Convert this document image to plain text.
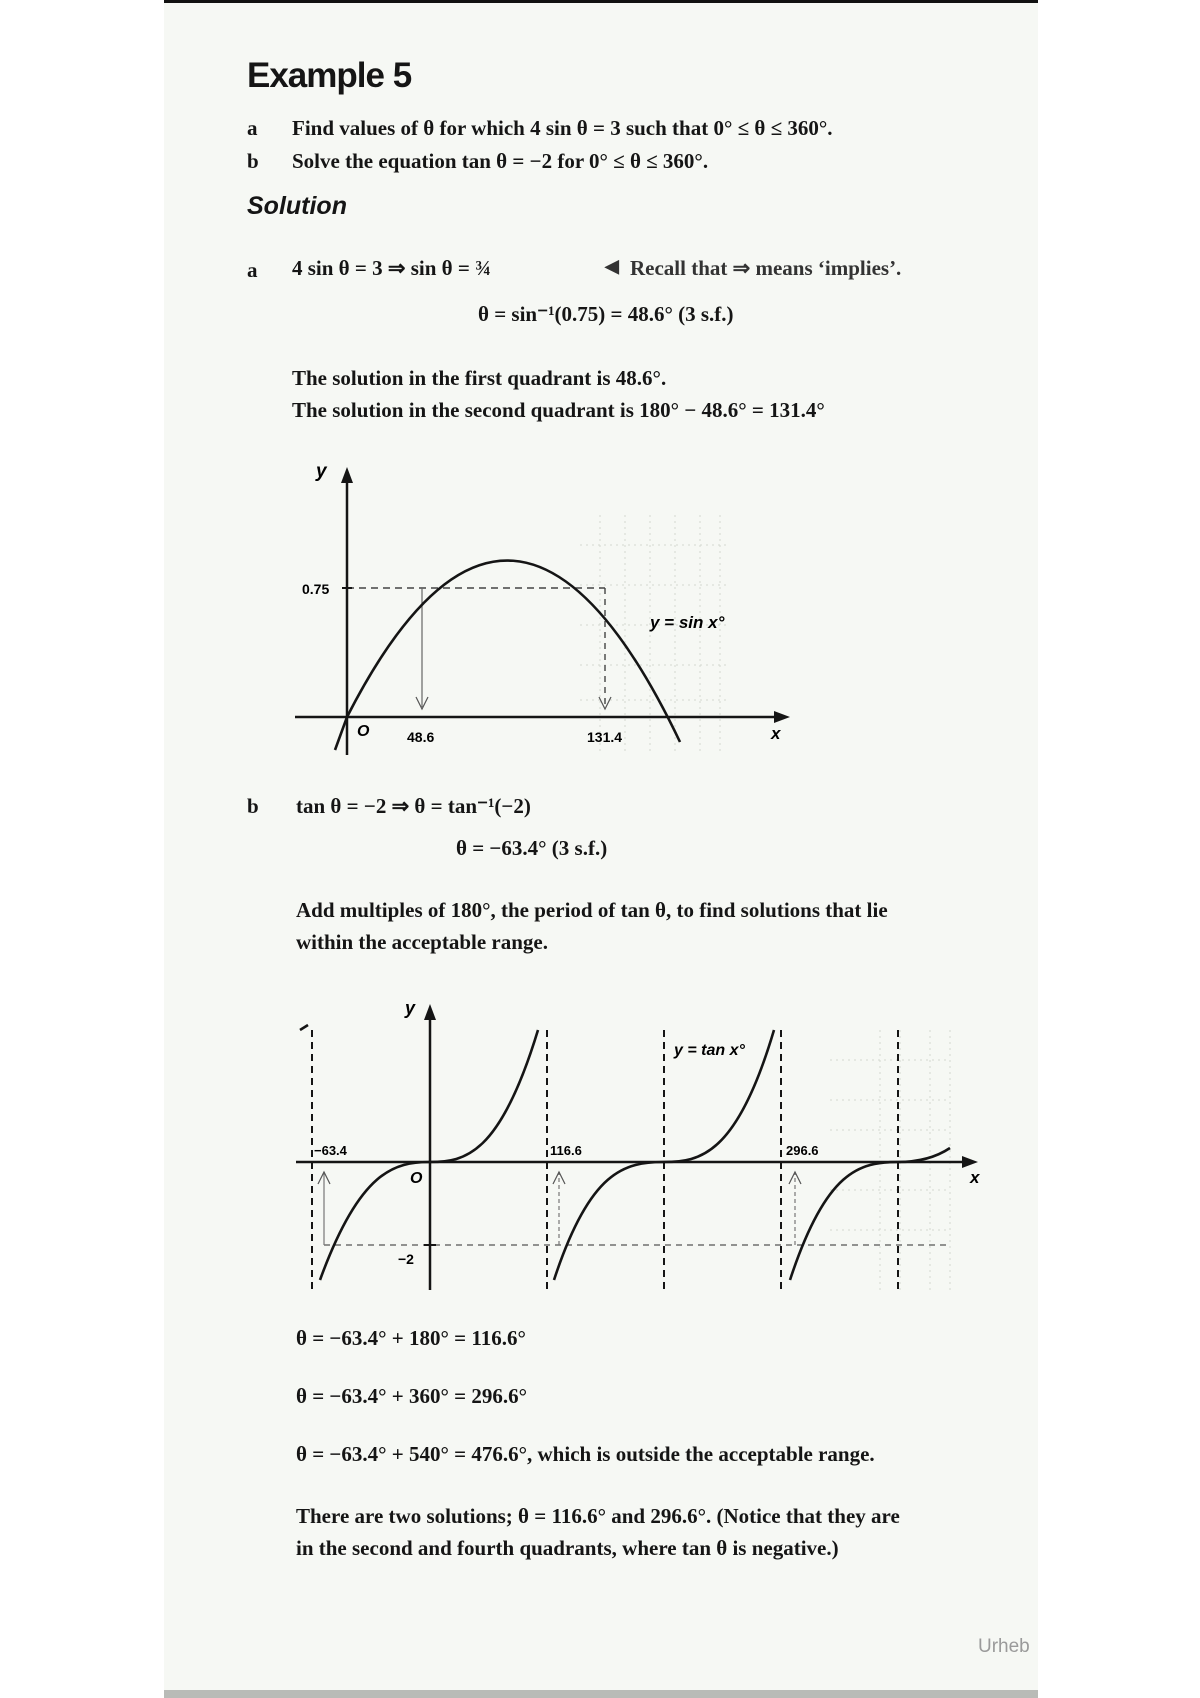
Example 5
a Find values of θ for which 4 sin θ = 3 such that 0° ≤ θ ≤ 360°.
b Solve the equation tan θ = −2 for 0° ≤ θ ≤ 360°.
Solution
a 4 sin θ = 3 ⇒ sin θ = ¾	◀ Recall that ⇒ means ‘implies’.
θ = sin⁻¹(0.75) = 48.6° (3 s.f.)
The solution in the first quadrant is 48.6°.
The solution in the second quadrant is 180° − 48.6° = 131.4°
y
x
O
0.75
48.6	131.4
y = sin x°
b tan θ = −2 ⇒ θ = tan⁻¹(−2)
θ = −63.4° (3 s.f.)
Add multiples of 180°, the period of tan θ, to find solutions that lie
within the acceptable range.
y
x
O
−2
−63.4	116.6	296.6
y = tan x°
θ = −63.4° + 180° = 116.6°
θ = −63.4° + 360° = 296.6°
θ = −63.4° + 540° = 476.6°, which is outside the acceptable range.
There are two solutions; θ = 116.6° and 296.6°. (Notice that they are
in the second and fourth quadrants, where tan θ is negative.)
Urheb
